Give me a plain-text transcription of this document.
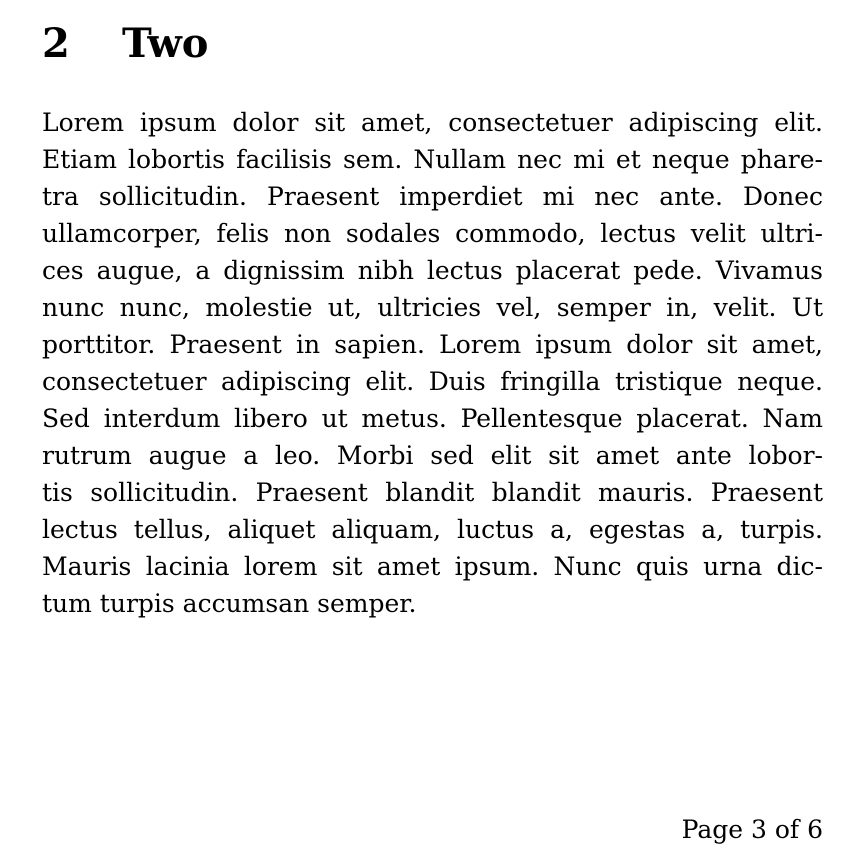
2	Two
Lorem ipsum dolor sit amet, consectetuer adipiscing elit.
Etiam lobortis facilisis sem. Nullam nec mi et neque phare-
tra sollicitudin. Praesent imperdiet mi nec ante. Donec
ullamcorper, felis non sodales commodo, lectus velit ultri-
ces augue, a dignissim nibh lectus placerat pede. Vivamus
nunc nunc, molestie ut, ultricies vel, semper in, velit. Ut
porttitor. Praesent in sapien. Lorem ipsum dolor sit amet,
consectetuer adipiscing elit. Duis fringilla tristique neque.
Sed interdum libero ut metus. Pellentesque placerat. Nam
rutrum augue a leo. Morbi sed elit sit amet ante lobor-
tis sollicitudin. Praesent blandit blandit mauris. Praesent
lectus tellus, aliquet aliquam, luctus a, egestas a, turpis.
Mauris lacinia lorem sit amet ipsum. Nunc quis urna dic-
tum turpis accumsan semper.
Page 3 of 6
